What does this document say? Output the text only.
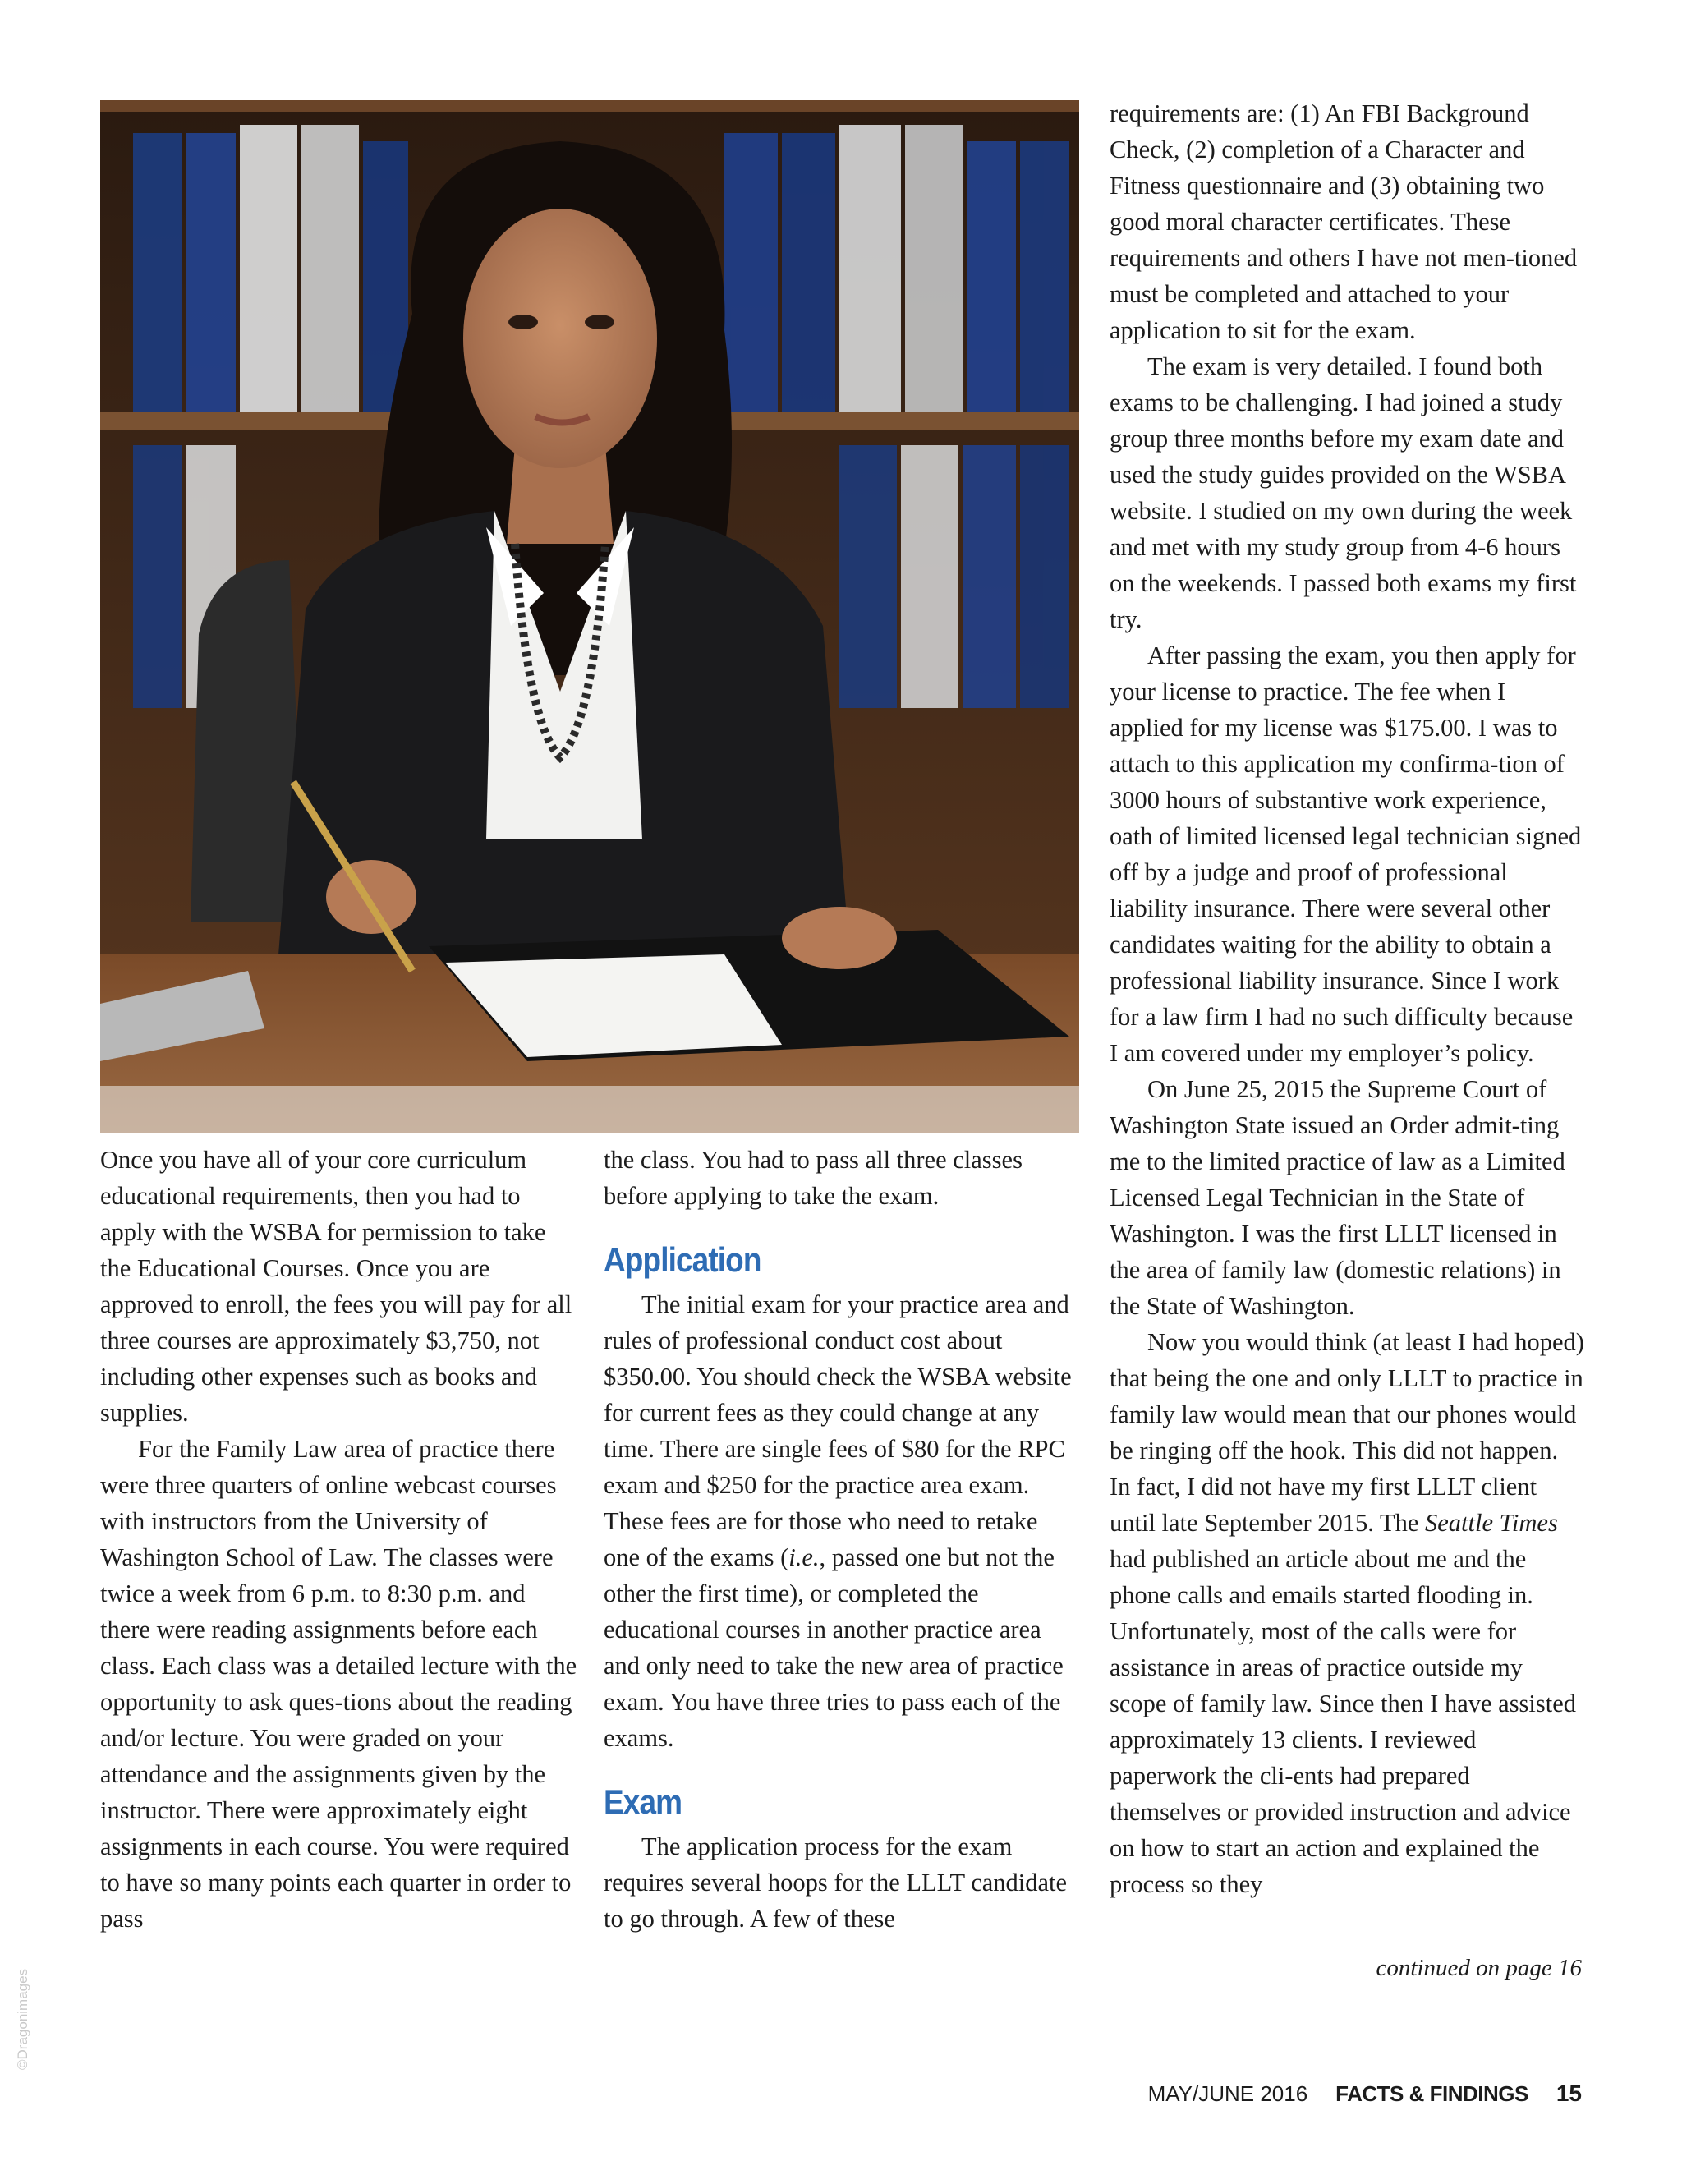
Once you have all of your core curriculum educational requirements, then you had to apply with the WSBA for permission to take the Educational Courses. Once you are approved to enroll, the fees you will pay for all three courses are approximately $3,750, not including other expenses such as books and supplies.

For the Family Law area of practice there were three quarters of online webcast courses with instructors from the University of Washington School of Law. The classes were twice a week from 6 p.m. to 8:30 p.m. and there were reading assignments before each class. Each class was a detailed lecture with the opportunity to ask ques-tions about the reading and/or lecture. You were graded on your attendance and the assignments given by the instructor. There were approximately eight assignments in each course. You were required to have so many points each quarter in order to pass

the class. You had to pass all three classes before applying to take the exam.

Application

The initial exam for your practice area and rules of professional conduct cost about $350.00. You should check the WSBA website for current fees as they could change at any time. There are single fees of $80 for the RPC exam and $250 for the practice area exam. These fees are for those who need to retake one of the exams (i.e., passed one but not the other the first time), or completed the educational courses in another practice area and only need to take the new area of practice exam. You have three tries to pass each of the exams.

Exam

The application process for the exam requires several hoops for the LLLT candidate to go through. A few of these

requirements are: (1) An FBI Background Check, (2) completion of a Character and Fitness questionnaire and (3) obtaining two good moral character certificates. These requirements and others I have not men-tioned must be completed and attached to your application to sit for the exam.

The exam is very detailed. I found both exams to be challenging. I had joined a study group three months before my exam date and used the study guides provided on the WSBA website. I studied on my own during the week and met with my study group from 4-6 hours on the weekends. I passed both exams my first try.

After passing the exam, you then apply for your license to practice. The fee when I applied for my license was $175.00. I was to attach to this application my confirma-tion of 3000 hours of substantive work experience, oath of limited licensed legal technician signed off by a judge and proof of professional liability insurance. There were several other candidates waiting for the ability to obtain a professional liability insurance. Since I work for a law firm I had no such difficulty because I am covered under my employer’s policy.

On June 25, 2015 the Supreme Court of Washington State issued an Order admit-ting me to the limited practice of law as a Limited Licensed Legal Technician in the State of Washington. I was the first LLLT licensed in the area of family law (domestic relations) in the State of Washington.

Now you would think (at least I had hoped) that being the one and only LLLT to practice in family law would mean that our phones would be ringing off the hook. This did not happen. In fact, I did not have my first LLLT client until late September 2015. The Seattle Times had published an article about me and the phone calls and emails started flooding in. Unfortunately, most of the calls were for assistance in areas of practice outside my scope of family law. Since then I have assisted approximately 13 clients. I reviewed paperwork the cli-ents had prepared themselves or provided instruction and advice on how to start an action and explained the process so they

continued on page 16
MAY/JUNE 2016 FACTS & FINDINGS 15
©Dragonimages
